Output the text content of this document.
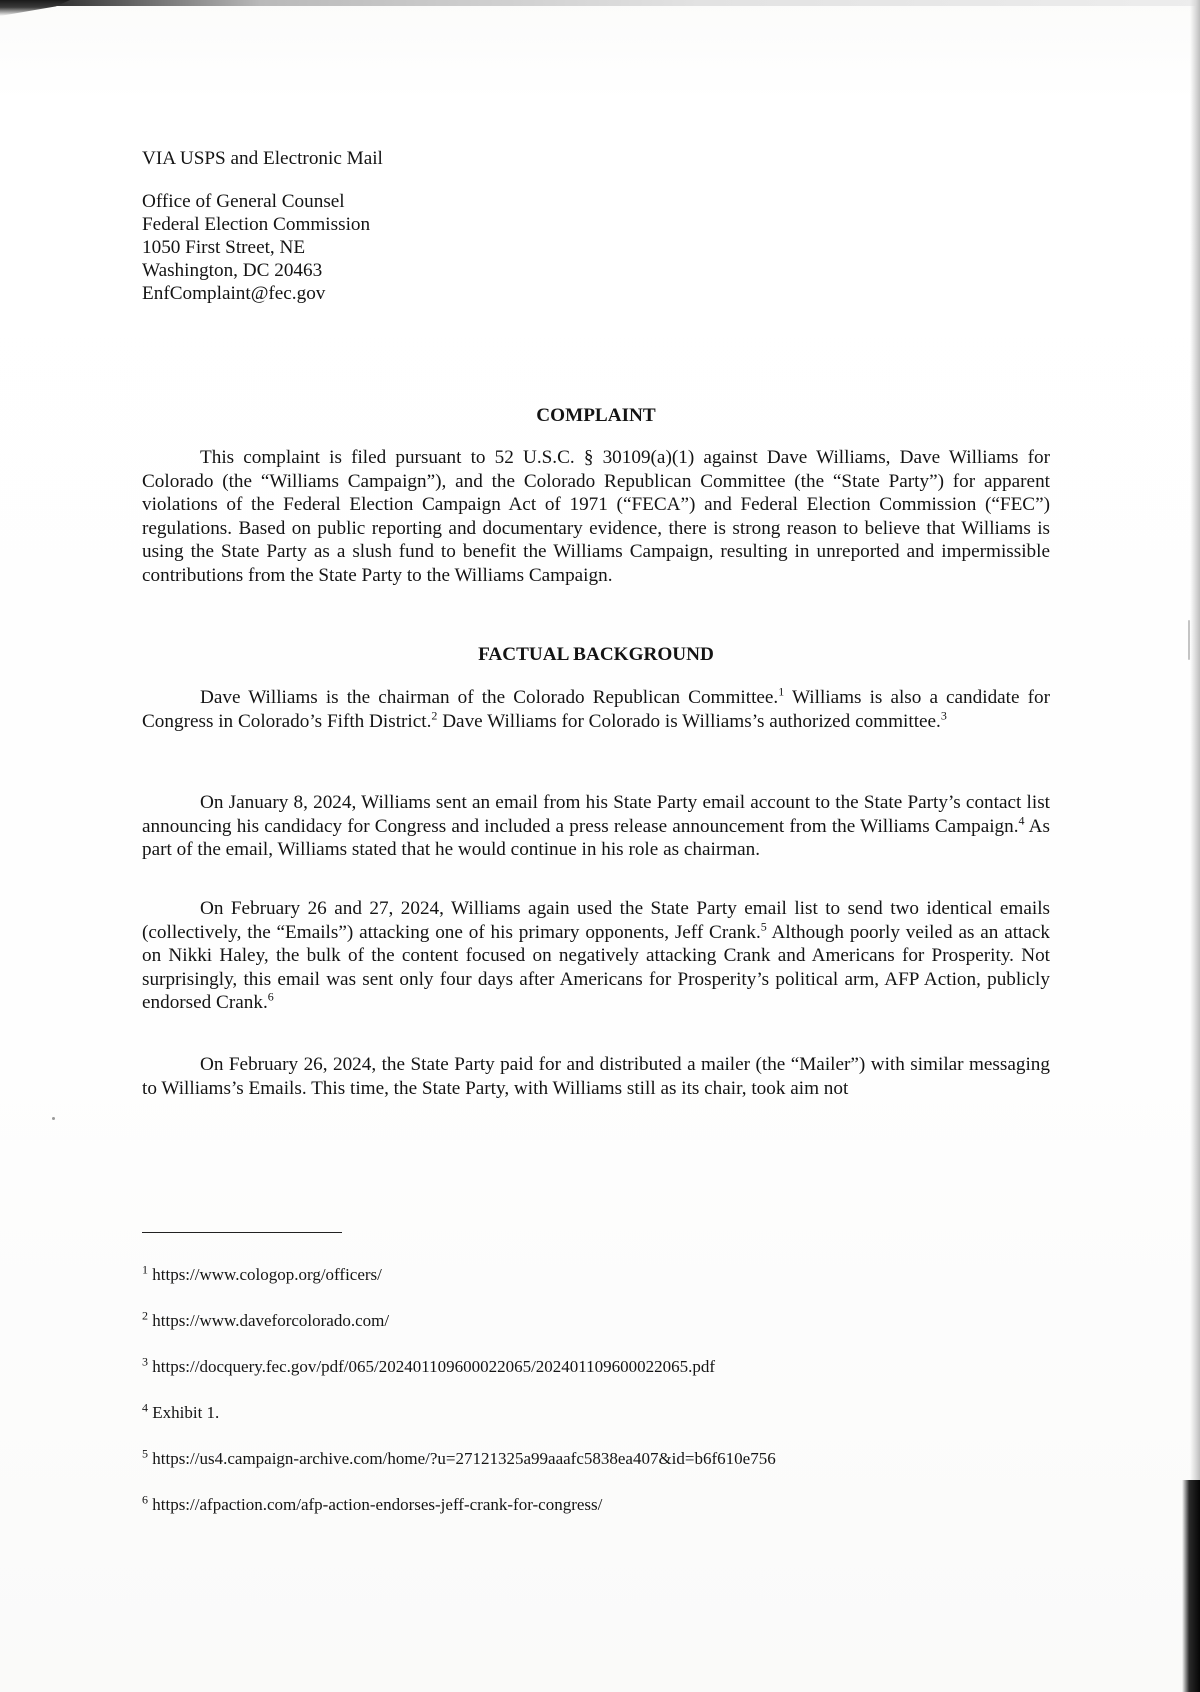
VIA USPS and Electronic Mail

Office of General Counsel
Federal Election Commission
1050 First Street, NE
Washington, DC 20463
EnfComplaint@fec.gov
COMPLAINT
This complaint is filed pursuant to 52 U.S.C. § 30109(a)(1) against Dave Williams, Dave Williams for Colorado (the “Williams Campaign”), and the Colorado Republican Committee (the “State Party”) for apparent violations of the Federal Election Campaign Act of 1971 (“FECA”) and Federal Election Commission (“FEC”) regulations. Based on public reporting and documentary evidence, there is strong reason to believe that Williams is using the State Party as a slush fund to benefit the Williams Campaign, resulting in unreported and impermissible contributions from the State Party to the Williams Campaign.
FACTUAL BACKGROUND
Dave Williams is the chairman of the Colorado Republican Committee.$^1$ Williams is also a candidate for Congress in Colorado’s Fifth District.$^2$ Dave Williams for Colorado is Williams’s authorized committee.$^3$
On January 8, 2024, Williams sent an email from his State Party email account to the State Party’s contact list announcing his candidacy for Congress and included a press release announcement from the Williams Campaign.$^4$ As part of the email, Williams stated that he would continue in his role as chairman.
On February 26 and 27, 2024, Williams again used the State Party email list to send two identical emails (collectively, the “Emails”) attacking one of his primary opponents, Jeff Crank.$^5$ Although poorly veiled as an attack on Nikki Haley, the bulk of the content focused on negatively attacking Crank and Americans for Prosperity. Not surprisingly, this email was sent only four days after Americans for Prosperity’s political arm, AFP Action, publicly endorsed Crank.$^6$
On February 26, 2024, the State Party paid for and distributed a mailer (the “Mailer”) with similar messaging to Williams’s Emails. This time, the State Party, with Williams still as its chair, took aim not
$^1$ https://www.cologop.org/officers/
$^2$ https://www.daveforcolorado.com/
$^3$ https://docquery.fec.gov/pdf/065/202401109600022065/202401109600022065.pdf
$^4$ Exhibit 1.
$^5$ https://us4.campaign-archive.com/home/?u=27121325a99aaafc5838ea407&id=b6f610e756
$^6$ https://afpaction.com/afp-action-endorses-jeff-crank-for-congress/
